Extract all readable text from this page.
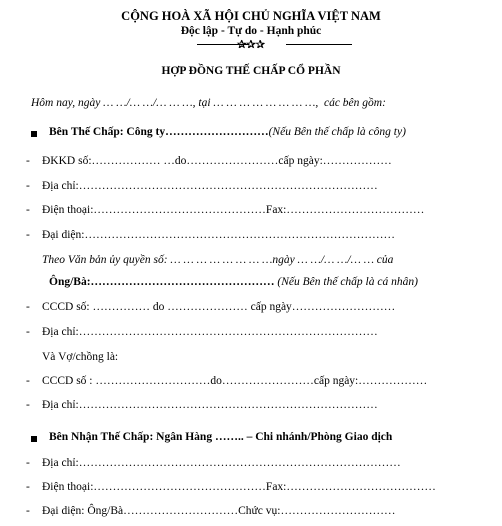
CỘNG HOÀ XÃ HỘI CHỦ NGHĨA VIỆT NAM
Độc lập - Tự do - Hạnh phúc
✰✰✰
HỢP ĐỒNG THẾ CHẤP CỔ PHẦN
Hôm nay, ngày … …/… …/… … …, tại … … … … … … … …,  các bên gồm:
Bên Thế Chấp: Công ty………………………(Nếu Bên thế chấp là công ty)
- ĐKKD số:……………… …do……………………cấp ngày:………………
- Địa chỉ:……………………………………………………………………
- Điện thoại:………………………………………Fax:………………………………
- Đại diện:………………………………………………………………………
Theo Văn bản ủy quyền số: … … … … … … … …ngày … …/… …/… … của
Ông/Bà:………………………………………… (Nếu Bên thế chấp là cá nhân)
- CCCD số: …………… do ………………… cấp ngày………………………
- Địa chỉ:……………………………………………………………………
Và Vợ/chồng là:
- CCCD số : …………………………do……………………cấp ngày:………………
- Địa chỉ:……………………………………………………………………
Bên Nhận Thế Chấp: Ngân Hàng …….. – Chi nhánh/Phòng Giao dịch
- Địa chỉ:…………………………………………………………………………
- Điện thoại:………………………………………Fax:…………………………………
- Đại diện: Ông/Bà…………………………Chức vụ:…………………………
